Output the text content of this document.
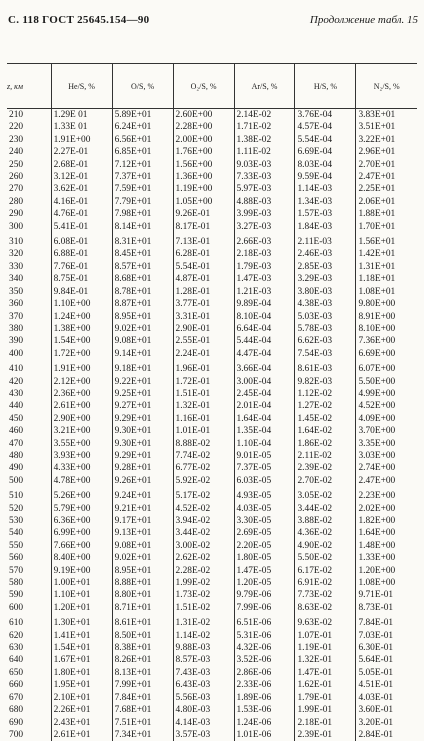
С. 118 ГОСТ 25645.154—90	Продолжение табл. 15
z, км	He/S, %	O/S, %	O₂/S, %	Ar/S, %	H/S, %	N₂/S, %
210	1.29E 01	5.89E+01	2.60E+00	2.14E-02	3.76E-04	3.83E+01
220	1.33E 01	6.24E+01	2.28E+00	1.71E-02	4.57E-04	3.51E+01
230	1.91E+00	6.56E+01	2.00E+00	1.38E-02	5.54E-04	3.22E+01
240	2.27E-01	6.85E+01	1.76E+00	1.11E-02	6.69E-04	2.96E+01
250	2.68E-01	7.12E+01	1.56E+00	9.03E-03	8.03E-04	2.70E+01
260	3.12E-01	7.37E+01	1.36E+00	7.33E-03	9.59E-04	2.47E+01
270	3.62E-01	7.59E+01	1.19E+00	5.97E-03	1.14E-03	2.25E+01
280	4.16E-01	7.79E+01	1.05E+00	4.88E-03	1.34E-03	2.06E+01
290	4.76E-01	7.98E+01	9.26E-01	3.99E-03	1.57E-03	1.88E+01
300	5.41E-01	8.14E+01	8.17E-01	3.27E-03	1.84E-03	1.70E+01
310	6.08E-01	8.31E+01	7.13E-01	2.66E-03	2.11E-03	1.56E+01
320	6.88E-01	8.45E+01	6.28E-01	2.18E-03	2.46E-03	1.42E+01
330	7.76E-01	8.57E+01	5.54E-01	1.79E-03	2.85E-03	1.31E+01
340	8.75E-01	8.68E+01	4.87E-01	1.47E-03	3.29E-03	1.18E+01
350	9.84E-01	8.78E+01	1.28E-01	1.21E-03	3.80E-03	1.08E+01
360	1.10E+00	8.87E+01	3.77E-01	9.89E-04	4.38E-03	9.80E+00
370	1.24E+00	8.95E+01	3.31E-01	8.10E-04	5.03E-03	8.91E+00
380	1.38E+00	9.02E+01	2.90E-01	6.64E-04	5.78E-03	8.10E+00
390	1.54E+00	9.08E+01	2.55E-01	5.44E-04	6.62E-03	7.36E+00
400	1.72E+00	9.14E+01	2.24E-01	4.47E-04	7.54E-03	6.69E+00
410	1.91E+00	9.18E+01	1.96E-01	3.66E-04	8.61E-03	6.07E+00
420	2.12E+00	9.22E+01	1.72E-01	3.00E-04	9.82E-03	5.50E+00
430	2.36E+00	9.25E+01	1.51E-01	2.45E-04	1.12E-02	4.99E+00
440	2.61E+00	9.27E+01	1.32E-01	2.01E-04	1.27E-02	4.52E+00
450	2.90E+00	9.29E+01	1.16E-01	1.64E-04	1.45E-02	4.09E+00
460	3.21E+00	9.30E+01	1.01E-01	1.35E-04	1.64E-02	3.70E+00
470	3.55E+00	9.30E+01	8.88E-02	1.10E-04	1.86E-02	3.35E+00
480	3.93E+00	9.29E+01	7.74E-02	9.01E-05	2.11E-02	3.03E+00
490	4.33E+00	9.28E+01	6.77E-02	7.37E-05	2.39E-02	2.74E+00
500	4.78E+00	9.26E+01	5.92E-02	6.03E-05	2.70E-02	2.47E+00
510	5.26E+00	9.24E+01	5.17E-02	4.93E-05	3.05E-02	2.23E+00
520	5.79E+00	9.21E+01	4.52E-02	4.03E-05	3.44E-02	2.02E+00
530	6.36E+00	9.17E+01	3.94E-02	3.30E-05	3.88E-02	1.82E+00
540	6.99E+00	9.13E+01	3.44E-02	2.69E-05	4.36E-02	1.64E+00
550	7.66E+00	9.08E+01	3.00E-02	2.20E-05	4.90E-02	1.48E+00
560	8.40E+00	9.02E+01	2.62E-02	1.80E-05	5.50E-02	1.33E+00
570	9.19E+00	8.95E+01	2.28E-02	1.47E-05	6.17E-02	1.20E+00
580	1.00E+01	8.88E+01	1.99E-02	1.20E-05	6.91E-02	1.08E+00
590	1.10E+01	8.80E+01	1.73E-02	9.79E-06	7.73E-02	9.71E-01
600	1.20E+01	8.71E+01	1.51E-02	7.99E-06	8.63E-02	8.73E-01
610	1.30E+01	8.61E+01	1.31E-02	6.51E-06	9.63E-02	7.84E-01
620	1.41E+01	8.50E+01	1.14E-02	5.31E-06	1.07E-01	7.03E-01
630	1.54E+01	8.38E+01	9.88E-03	4.32E-06	1.19E-01	6.30E-01
640	1.67E+01	8.26E+01	8.57E-03	3.52E-06	1.32E-01	5.64E-01
650	1.80E+01	8.13E+01	7.43E-03	2.86E-06	1.47E-01	5.05E-01
660	1.95E+01	7.99E+01	6.43E-03	2.33E-06	1.62E-01	4.51E-01
670	2.10E+01	7.84E+01	5.56E-03	1.89E-06	1.79E-01	4.03E-01
680	2.26E+01	7.68E+01	4.80E-03	1.53E-06	1.99E-01	3.60E-01
690	2.43E+01	7.51E+01	4.14E-03	1.24E-06	2.18E-01	3.20E-01
700	2.61E+01	7.34E+01	3.57E-03	1.01E-06	2.39E-01	2.84E-01
